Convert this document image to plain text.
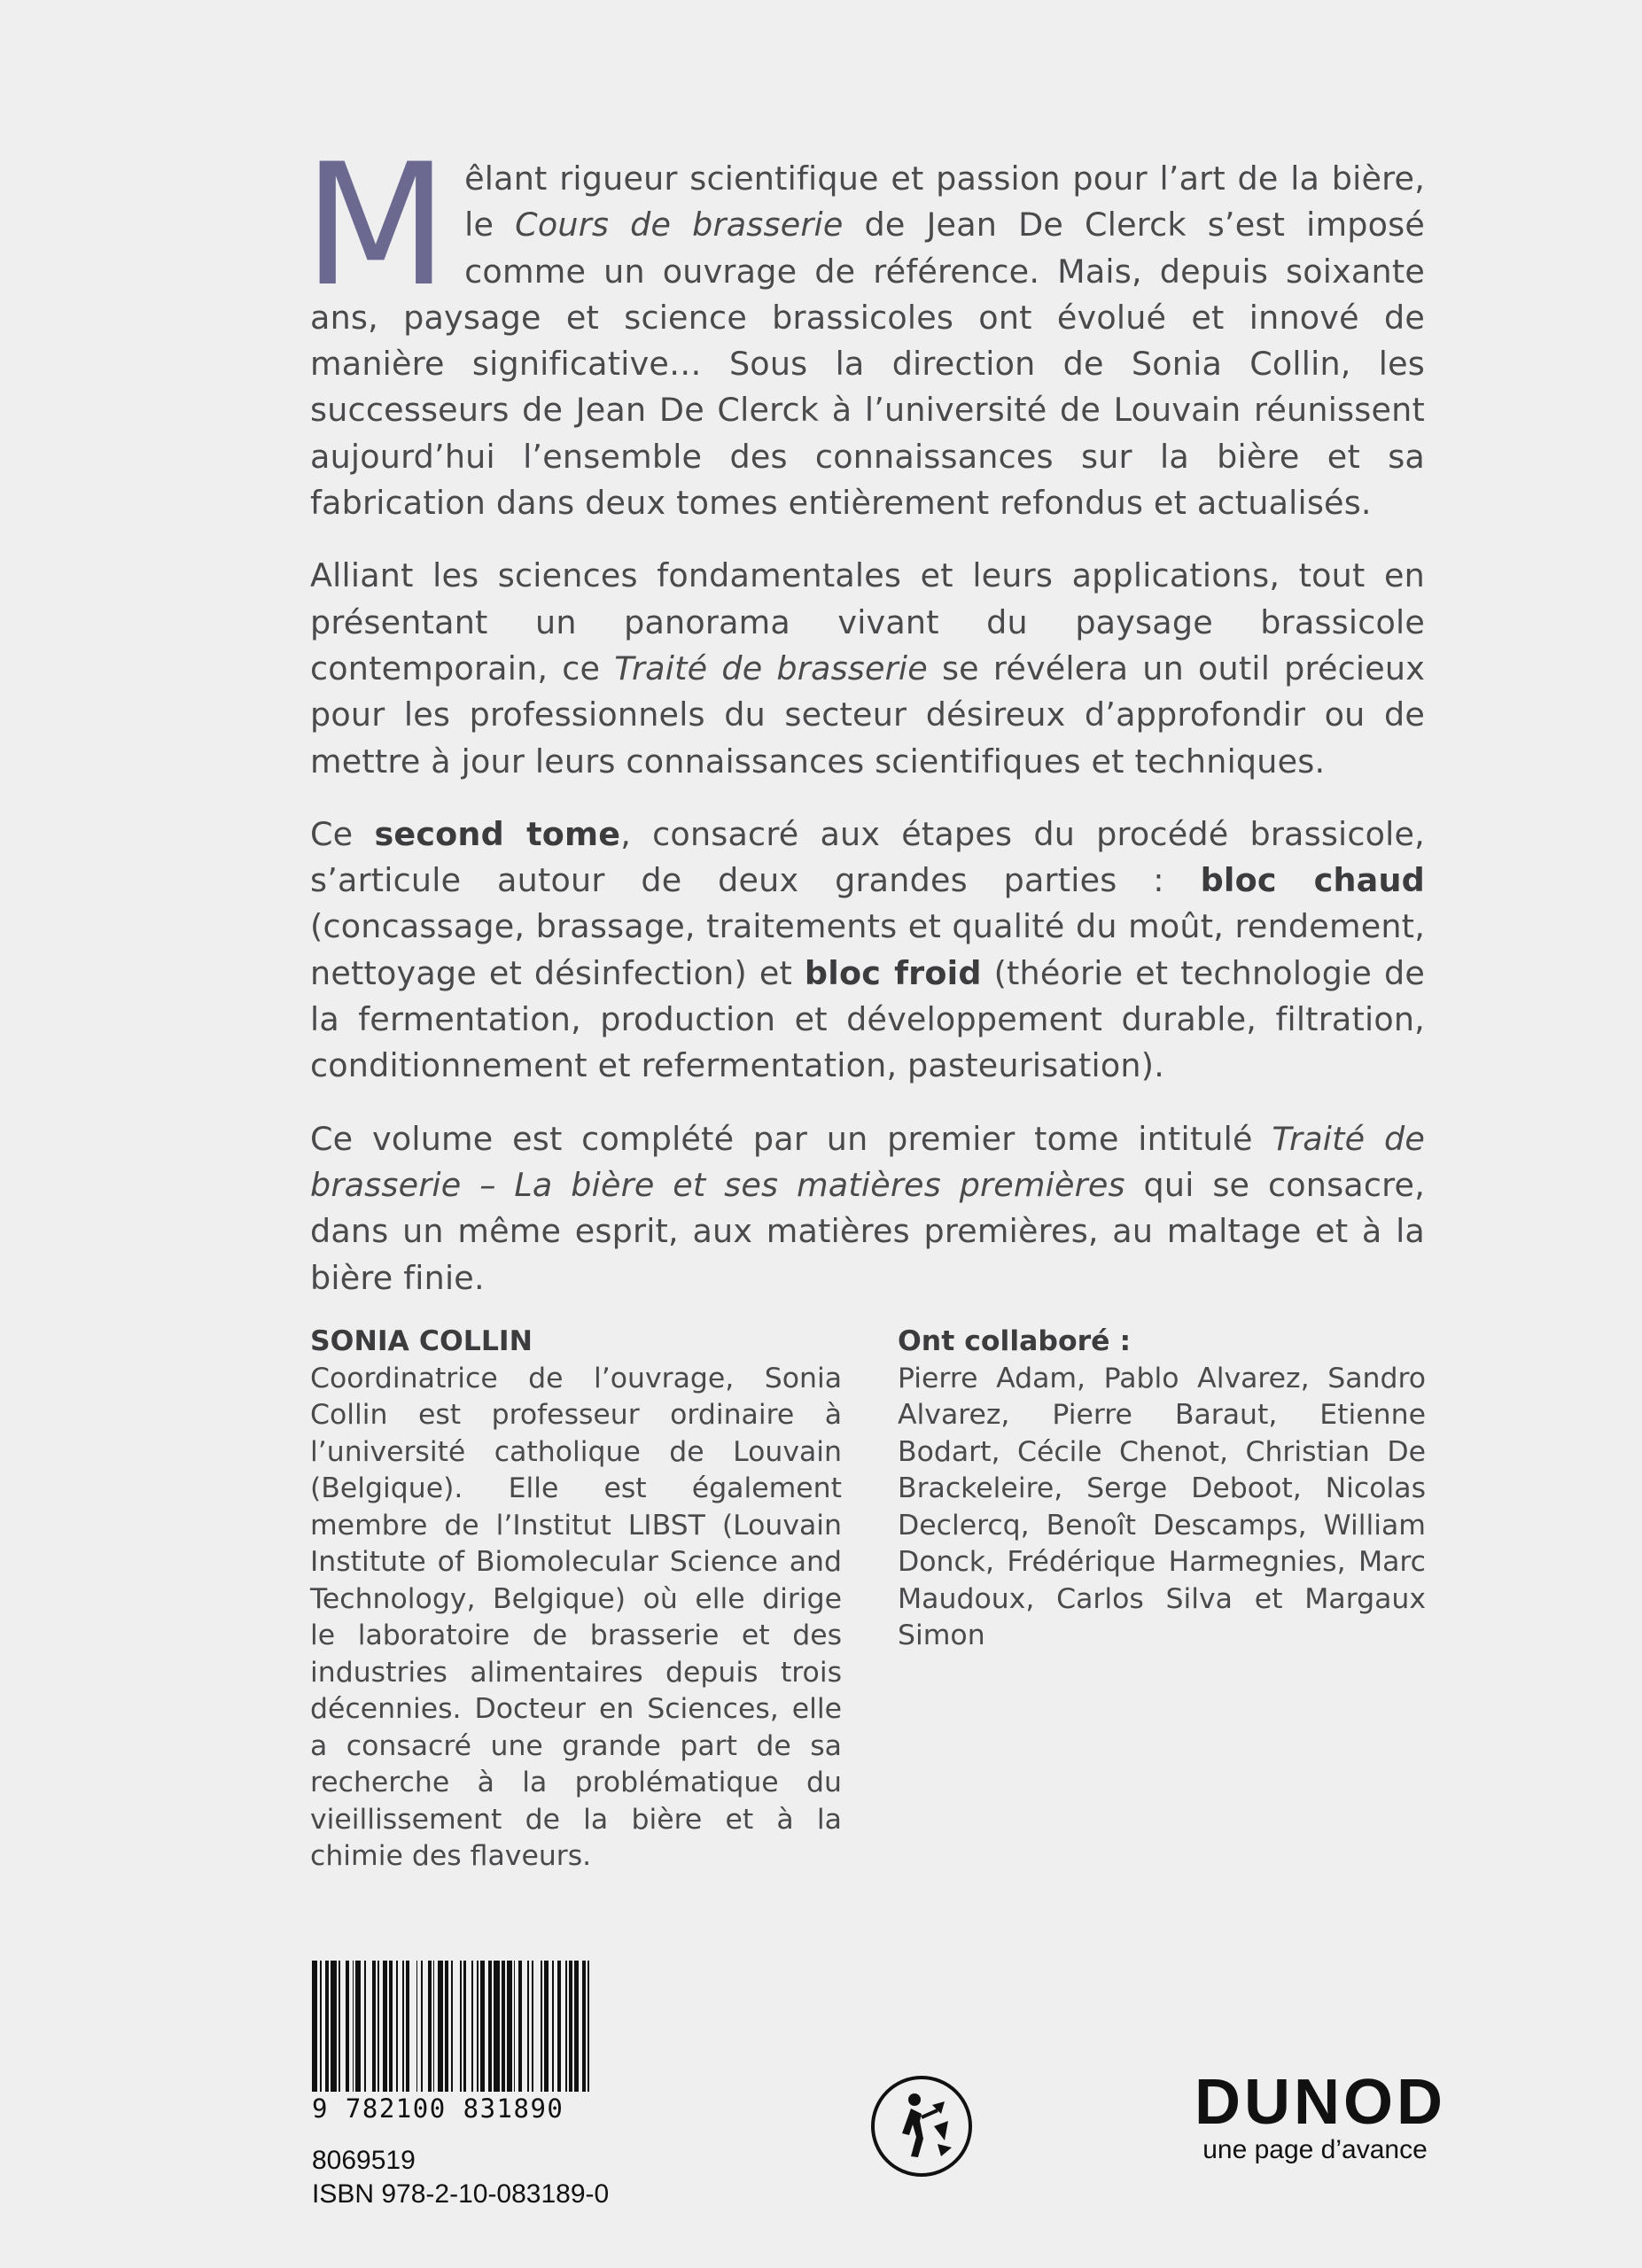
Mêlant rigueur scientifique et passion pour l’art de la bière, le Cours de brasserie de Jean De Clerck s’est imposé comme un ouvrage de référence. Mais, depuis soixante ans, paysage et science brassicoles ont évolué et innové de manière significative… Sous la direction de Sonia Collin, les successeurs de Jean De Clerck à l’université de Louvain réunissent aujourd’hui l’ensemble des connaissances sur la bière et sa fabrication dans deux tomes entièrement refondus et actualisés.

Alliant les sciences fondamentales et leurs applications, tout en présentant un panorama vivant du paysage brassicole contemporain, ce Traité de brasserie se révélera un outil précieux pour les professionnels du secteur désireux d’approfondir ou de mettre à jour leurs connaissances scientifiques et techniques.

Ce second tome, consacré aux étapes du procédé brassicole, s’articule autour de deux grandes parties : bloc chaud (concassage, brassage, traitements et qualité du moût, rendement, nettoyage et désinfection) et bloc froid (théorie et technologie de la fermentation, production et développement durable, filtration, conditionnement et refermentation, pasteurisation).

Ce volume est complété par un premier tome intitulé Traité de brasserie – La bière et ses matières premières qui se consacre, dans un même esprit, aux matières premières, au maltage et à la bière finie.

SONIA COLLIN
Coordinatrice de l’ouvrage, Sonia Collin est professeur ordinaire à l’université catholique de Louvain (Belgique). Elle est également membre de l’Institut LIBST (Louvain Institute of Biomolecular Science and Technology, Belgique) où elle dirige le laboratoire de brasserie et des industries alimentaires depuis trois décennies. Docteur en Sciences, elle a consacré une grande part de sa recherche à la problématique du vieillissement de la bière et à la chimie des flaveurs.
Ont collaboré :
Pierre Adam, Pablo Alvarez, Sandro Alvarez, Pierre Baraut, Etienne Bodart, Cécile Chenot, Christian De Brackeleire, Serge Deboot, Nicolas Declercq, Benoît Descamps, William Donck, Frédérique Harmegnies, Marc Maudoux, Carlos Silva et Margaux Simon
9 782100 831890
8069519
ISBN 978-2-10-083189-0
DUNOD
une page d’avance
